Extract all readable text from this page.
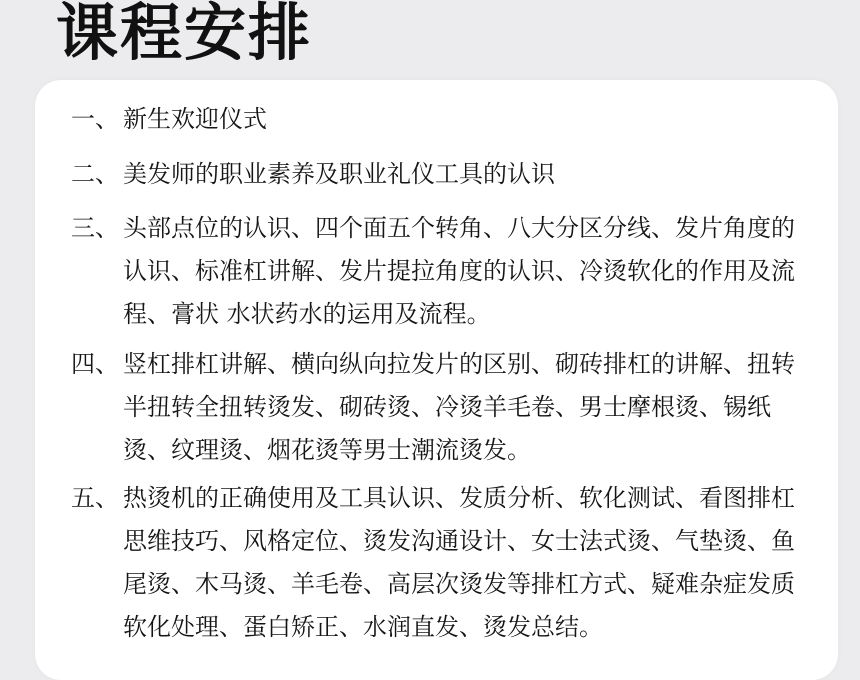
课程安排
一、 新生欢迎仪式
二、 美发师的职业素养及职业礼仪工具的认识
三、 头部点位的认识、四个面五个转角、八大分区分线、发片角度的认识、标准杠讲解、发片提拉角度的认识、冷烫软化的作用及流程、膏状 水状药水的运用及流程。
四、 竖杠排杠讲解、横向纵向拉发片的区别、砌砖排杠的讲解、扭转半扭转全扭转烫发、砌砖烫、冷烫羊毛卷、男士摩根烫、锡纸烫、纹理烫、烟花烫等男士潮流烫发。
五、 热烫机的正确使用及工具认识、发质分析、软化测试、看图排杠思维技巧、风格定位、烫发沟通设计、女士法式烫、气垫烫、鱼尾烫、木马烫、羊毛卷、高层次烫发等排杠方式、疑难杂症发质软化处理、蛋白矫正、水润直发、烫发总结。
